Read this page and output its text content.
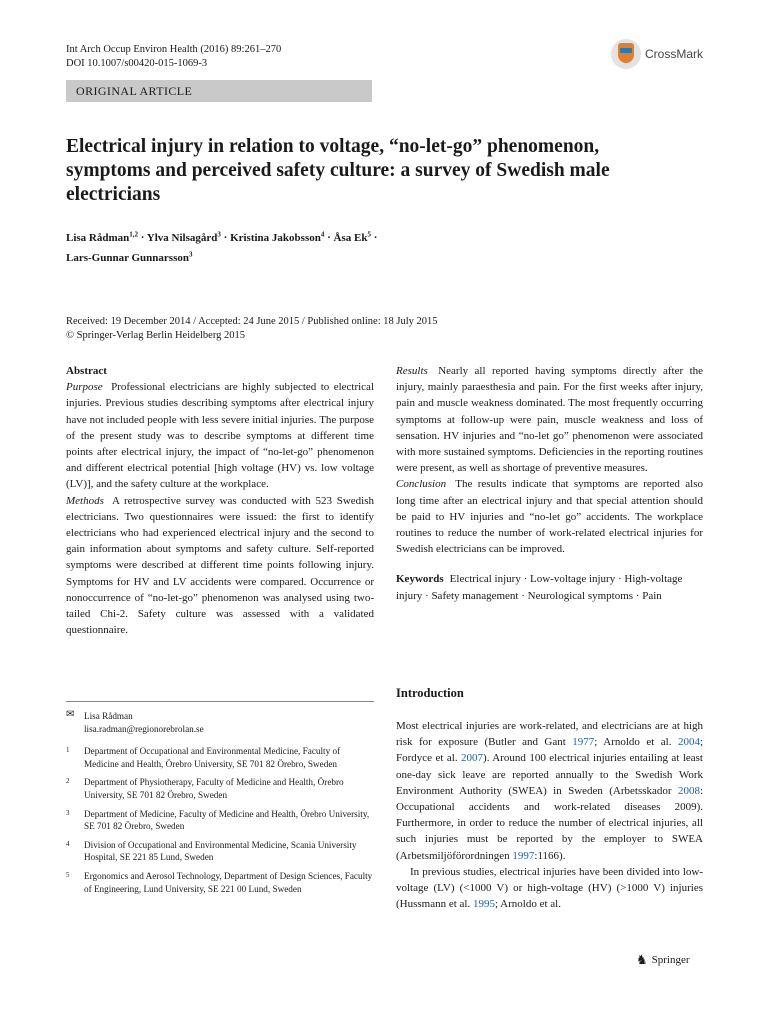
Int Arch Occup Environ Health (2016) 89:261–270
DOI 10.1007/s00420-015-1069-3
CrossMark
ORIGINAL ARTICLE
Electrical injury in relation to voltage, “no-let-go” phenomenon, symptoms and perceived safety culture: a survey of Swedish male electricians
Lisa Rådman$^{1,2}$ · Ylva Nilsagård$^3$ · Kristina Jakobsson$^4$ · Åsa $Ek^5$ ·
Lars-Gunnar Gunnarsson$^3$
Received: 19 December 2014 / Accepted: 24 June 2015 / Published online: 18 July 2015
© Springer-Verlag Berlin Heidelberg 2015

Abstract

Purpose Professional electricians are highly subjected to electrical injuries. Previous studies describing symptoms after electrical injury have not included people with less severe initial injuries. The purpose of the present study was to describe symptoms at different time points after electrical injury, the impact of “no-let-go” phenomenon and different electrical potential [high voltage (HV) vs. low voltage (LV)], and the safety culture at the workplace.

Methods A retrospective survey was conducted with 523 Swedish electricians. Two questionnaires were issued: the first to identify electricians who had experienced electrical injury and the second to gain information about symptoms and safety culture. Self-reported symptoms were described at different time points following injury. Symptoms for HV and LV accidents were compared. Occurrence or nonoccurrence of “no-let-go” phenomenon was analysed using two-tailed Chi-2. Safety culture was assessed with a validated questionnaire.

Results Nearly all reported having symptoms directly after the injury, mainly paraesthesia and pain. For the first weeks after injury, pain and muscle weakness dominated. The most frequently occurring symptoms at follow-up were pain, muscle weakness and loss of sensation. HV injuries and “no-let go” phenomenon were associated with more sustained symptoms. Deficiencies in the reporting routines were present, as well as shortage of preventive measures.

Conclusion The results indicate that symptoms are reported also long time after an electrical injury and that special attention should be paid to HV injuries and “no-let go” accidents. The workplace routines to reduce the number of work-related electrical injuries for Swedish electricians can be improved.

Keywords Electrical injury · Low-voltage injury · High-voltage injury · Safety management · Neurological symptoms · Pain

✉	Lisa Rådman
lisa.radman@regionorebrolan.se
1	Department of Occupational and Environmental Medicine, Faculty of Medicine and Health, Örebro University, SE 701 82 Örebro, Sweden
2	Department of Physiotherapy, Faculty of Medicine and Health, Örebro University, SE 701 82 Örebro, Sweden
3	Department of Medicine, Faculty of Medicine and Health, Örebro University, SE 701 82 Örebro, Sweden
4	Division of Occupational and Environmental Medicine, Scania University Hospital, SE 221 85 Lund, Sweden
5	Ergonomics and Aerosol Technology, Department of Design Sciences, Faculty of Engineering, Lund University, SE 221 00 Lund, Sweden
Introduction

Most electrical injuries are work-related, and electricians are at high risk for exposure (Butler and Gant 1977; Arnoldo et al. 2004; Fordyce et al. 2007). Around 100 electrical injuries entailing at least one-day sick leave are reported annually to the Swedish Work Environment Authority (SWEA) in Sweden (Arbetsskador 2008: Occupational accidents and work-related diseases 2009). Furthermore, in order to reduce the number of electrical injuries, all such injuries must be reported by the employer to SWEA (Arbetsmiljöförordningen 1997:1166).

In previous studies, electrical injuries have been divided into low-voltage (LV) (<1000 V) or high-voltage (HV) (>1000 V) injuries (Hussmann et al. 1995; Arnoldo et al.

♞ Springer
